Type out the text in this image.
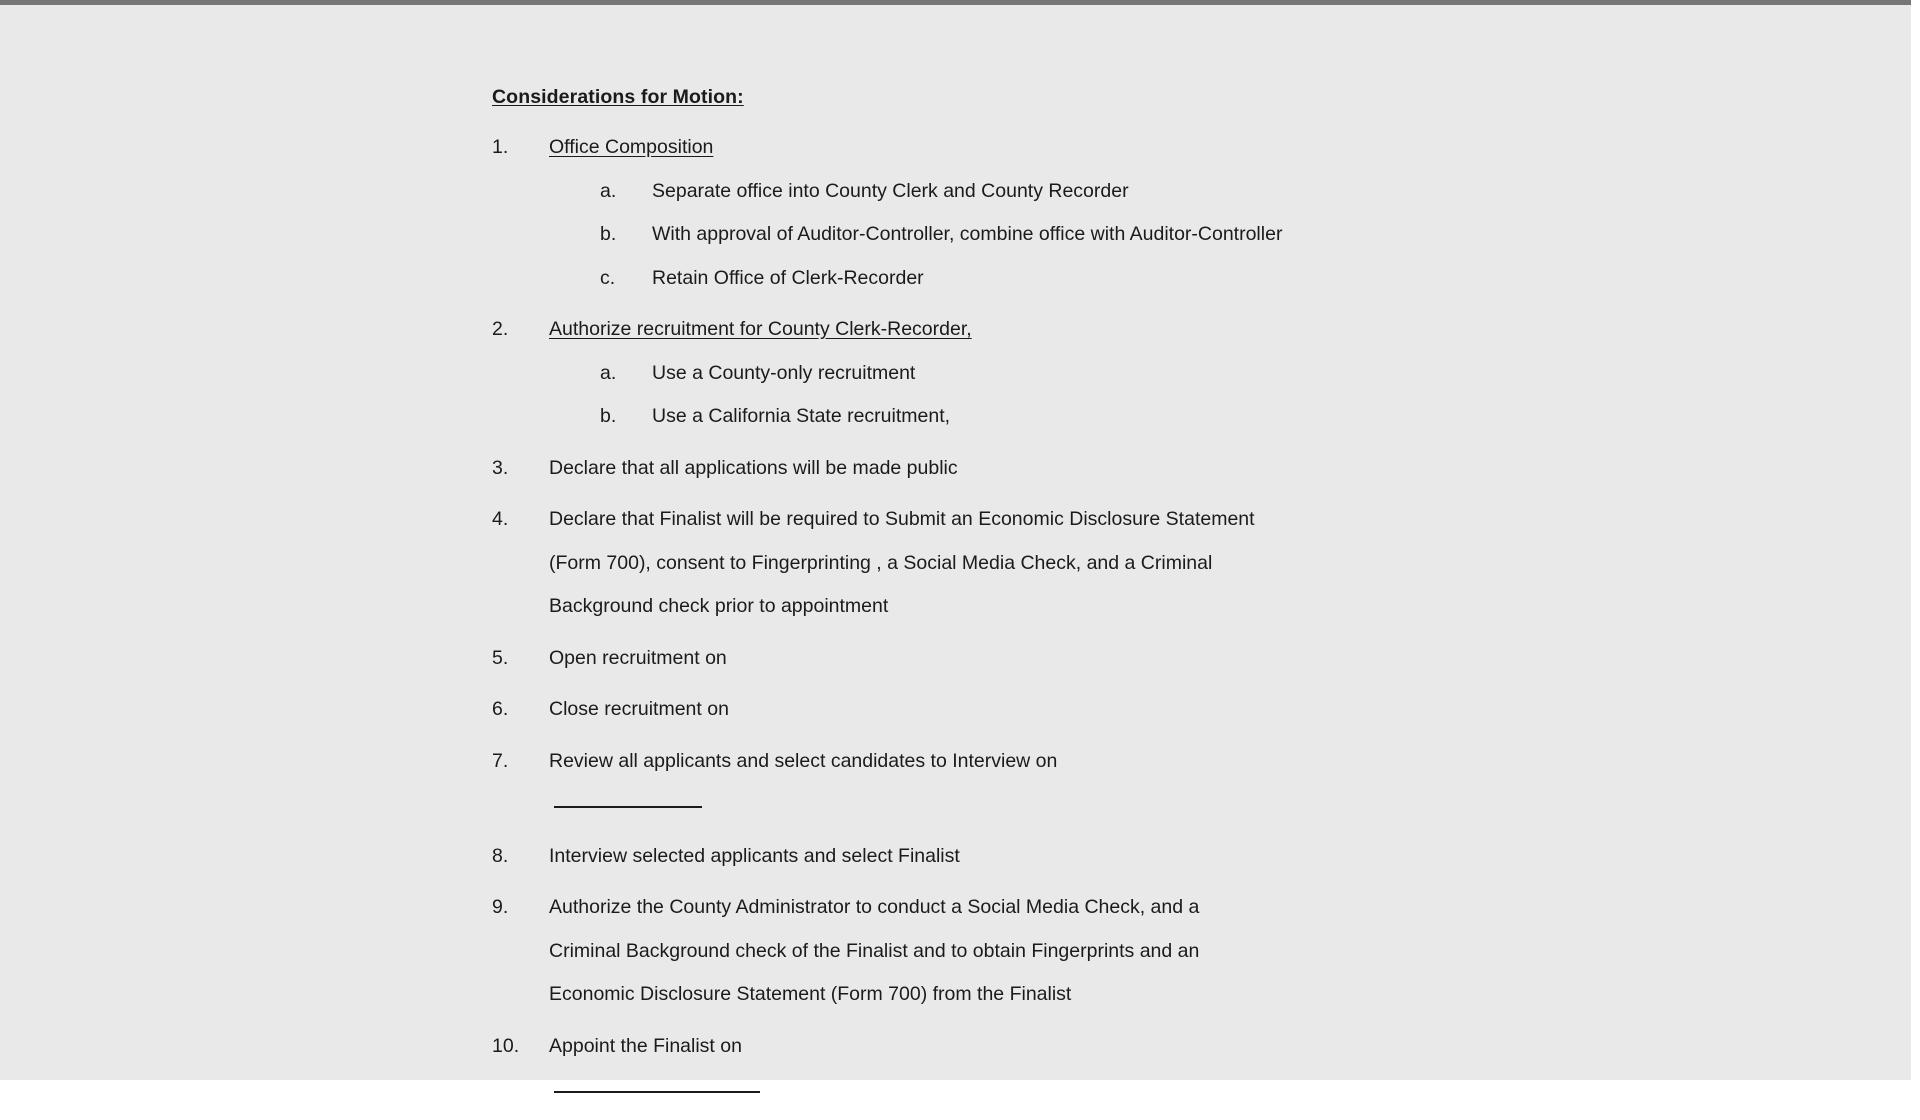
Considerations for Motion:
1.	Office Composition
a.	Separate office into County Clerk and County Recorder
b.	With approval of Auditor-Controller, combine office with Auditor-Controller
c.	Retain Office of Clerk-Recorder
2.	Authorize recruitment for County Clerk-Recorder,
a.	Use a County-only recruitment
b.	Use a California State recruitment,
3.	Declare that all applications will be made public
4.	Declare that Finalist will be required to Submit an Economic Disclosure Statement (Form 700), consent to Fingerprinting , a Social Media Check, and a Criminal Background check prior to appointment
5.	Open recruitment on
6.	Close recruitment on
7.	Review all applicants and select candidates to Interview on
8.	Interview selected applicants and select Finalist
9.	Authorize the County Administrator to conduct a Social Media Check, and a Criminal Background check of the Finalist and to obtain Fingerprints and an Economic Disclosure Statement (Form 700) from the Finalist
10.	Appoint the Finalist on
